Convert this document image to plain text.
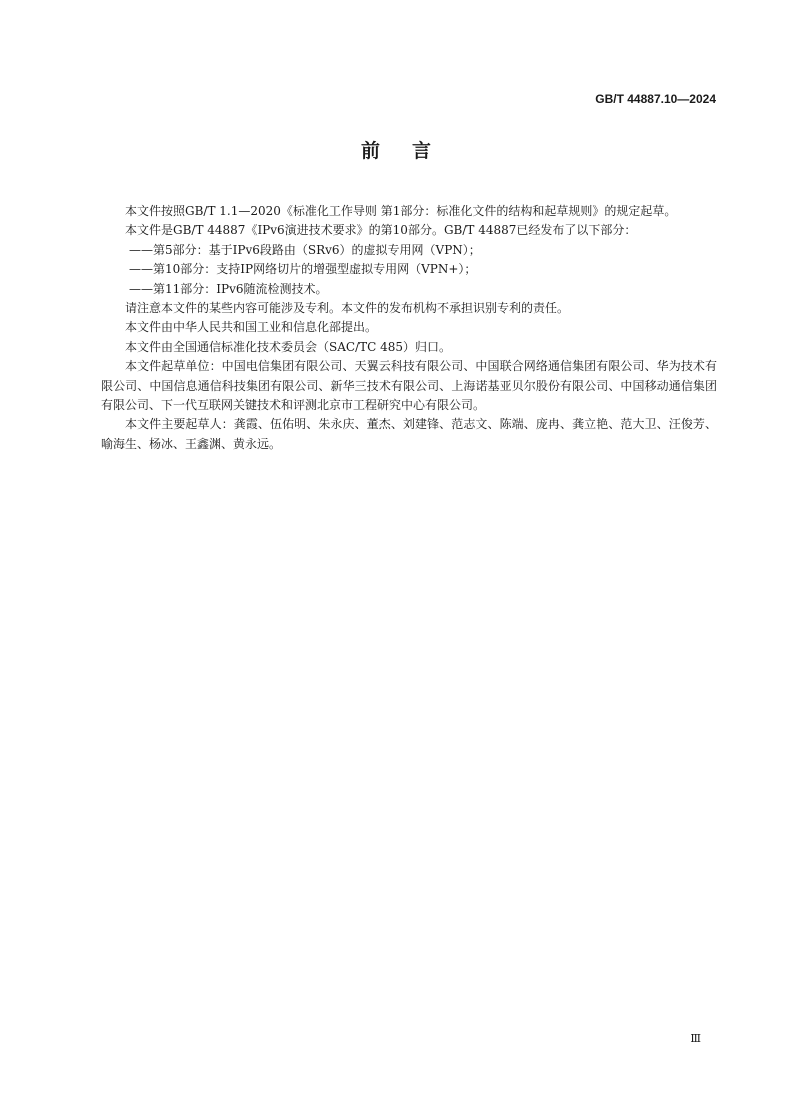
GB/T 44887.10—2024
前 言

本文件按照GB/T 1.1—2020《标准化工作导则 第1部分：标准化文件的结构和起草规则》的规定起草。

本文件是GB/T 44887《IPv6演进技术要求》的第10部分。GB/T 44887已经发布了以下部分：

——第5部分：基于IPv6段路由（SRv6）的虚拟专用网（VPN）；

——第10部分：支持IP网络切片的增强型虚拟专用网（VPN+）；

——第11部分：IPv6随流检测技术。

请注意本文件的某些内容可能涉及专利。本文件的发布机构不承担识别专利的责任。

本文件由中华人民共和国工业和信息化部提出。

本文件由全国通信标准化技术委员会（SAC/TC 485）归口。

本文件起草单位：中国电信集团有限公司、天翼云科技有限公司、中国联合网络通信集团有限公司、华为技术有限公司、中国信息通信科技集团有限公司、新华三技术有限公司、上海诺基亚贝尔股份有限公司、中国移动通信集团有限公司、下一代互联网关键技术和评测北京市工程研究中心有限公司。

本文件主要起草人：龚霞、伍佑明、朱永庆、董杰、刘建锋、范志文、陈端、庞冉、龚立艳、范大卫、汪俊芳、喻海生、杨冰、王鑫渊、黄永远。

Ⅲ
